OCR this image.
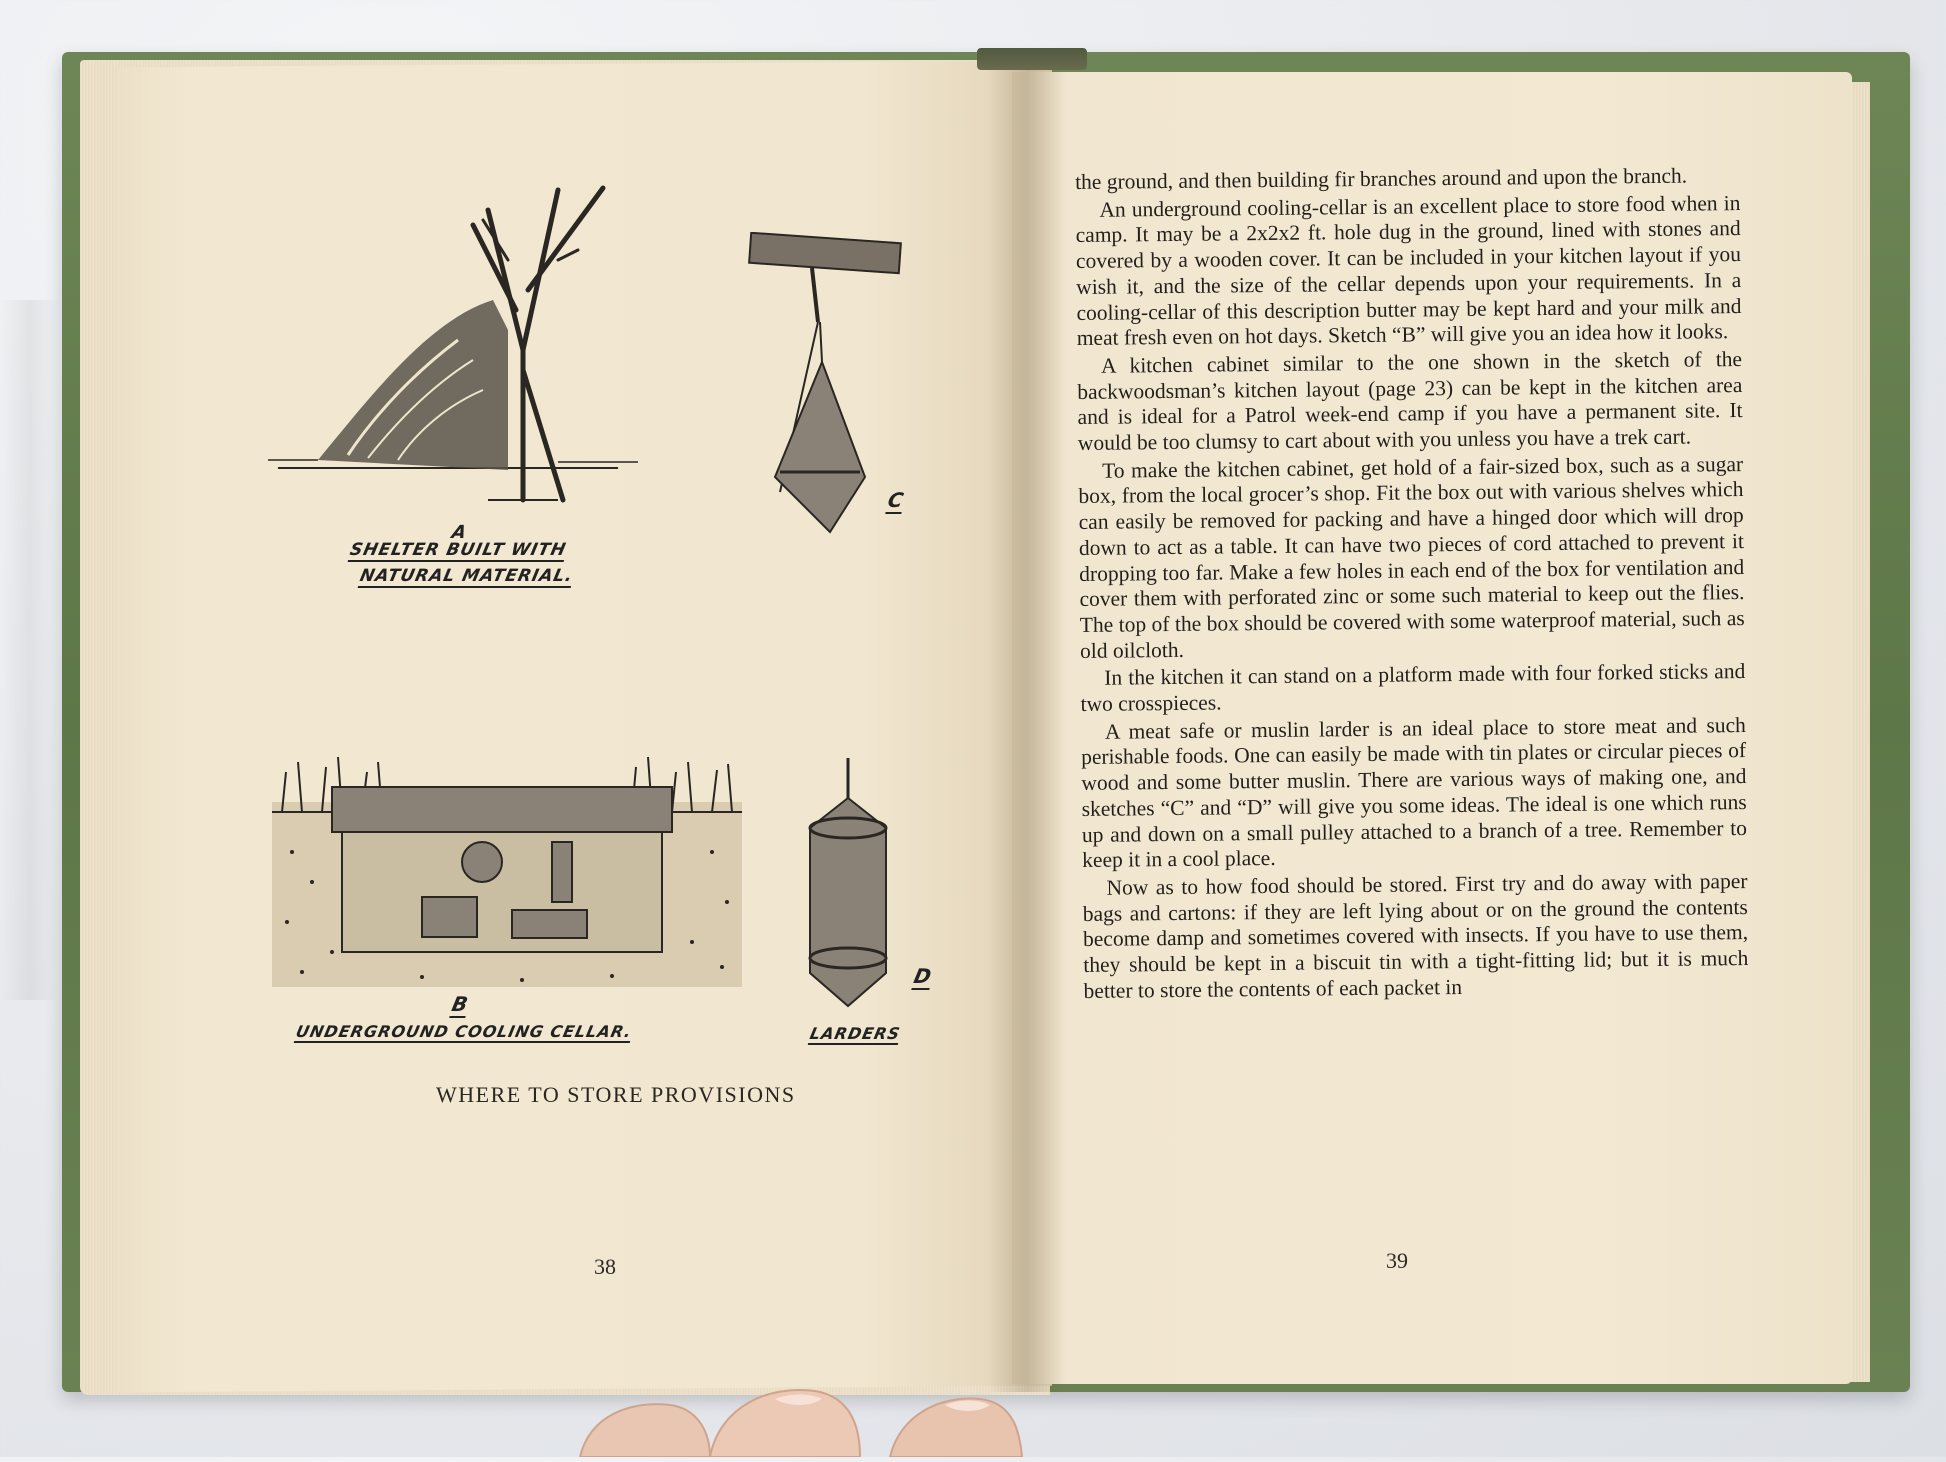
A
SHELTER BUILT WITH
NATURAL MATERIAL.
C
B
UNDERGROUND COOLING CELLAR.
D
LARDERS
WHERE TO STORE PROVISIONS
38

the ground, and then building fir branches around and upon the branch.

An underground cooling-cellar is an excellent place to store food when in camp. It may be a 2x2x2 ft. hole dug in the ground, lined with stones and covered by a wooden cover. It can be included in your kitchen layout if you wish it, and the size of the cellar depends upon your requirements. In a cooling-cellar of this description butter may be kept hard and your milk and meat fresh even on hot days. Sketch “B” will give you an idea how it looks.

A kitchen cabinet similar to the one shown in the sketch of the backwoodsman’s kitchen layout (page 23) can be kept in the kitchen area and is ideal for a Patrol week-end camp if you have a permanent site. It would be too clumsy to cart about with you unless you have a trek cart.

To make the kitchen cabinet, get hold of a fair-sized box, such as a sugar box, from the local grocer’s shop. Fit the box out with various shelves which can easily be removed for packing and have a hinged door which will drop down to act as a table. It can have two pieces of cord attached to prevent it dropping too far. Make a few holes in each end of the box for ventilation and cover them with perforated zinc or some such material to keep out the flies. The top of the box should be covered with some waterproof material, such as old oilcloth.

In the kitchen it can stand on a platform made with four forked sticks and two crosspieces.

A meat safe or muslin larder is an ideal place to store meat and such perishable foods. One can easily be made with tin plates or circular pieces of wood and some butter muslin. There are various ways of making one, and sketches “C” and “D” will give you some ideas. The ideal is one which runs up and down on a small pulley attached to a branch of a tree. Remember to keep it in a cool place.

Now as to how food should be stored. First try and do away with paper bags and cartons: if they are left lying about or on the ground the contents become damp and sometimes covered with insects. If you have to use them, they should be kept in a biscuit tin with a tight-fitting lid; but it is much better to store the contents of each packet in

39
